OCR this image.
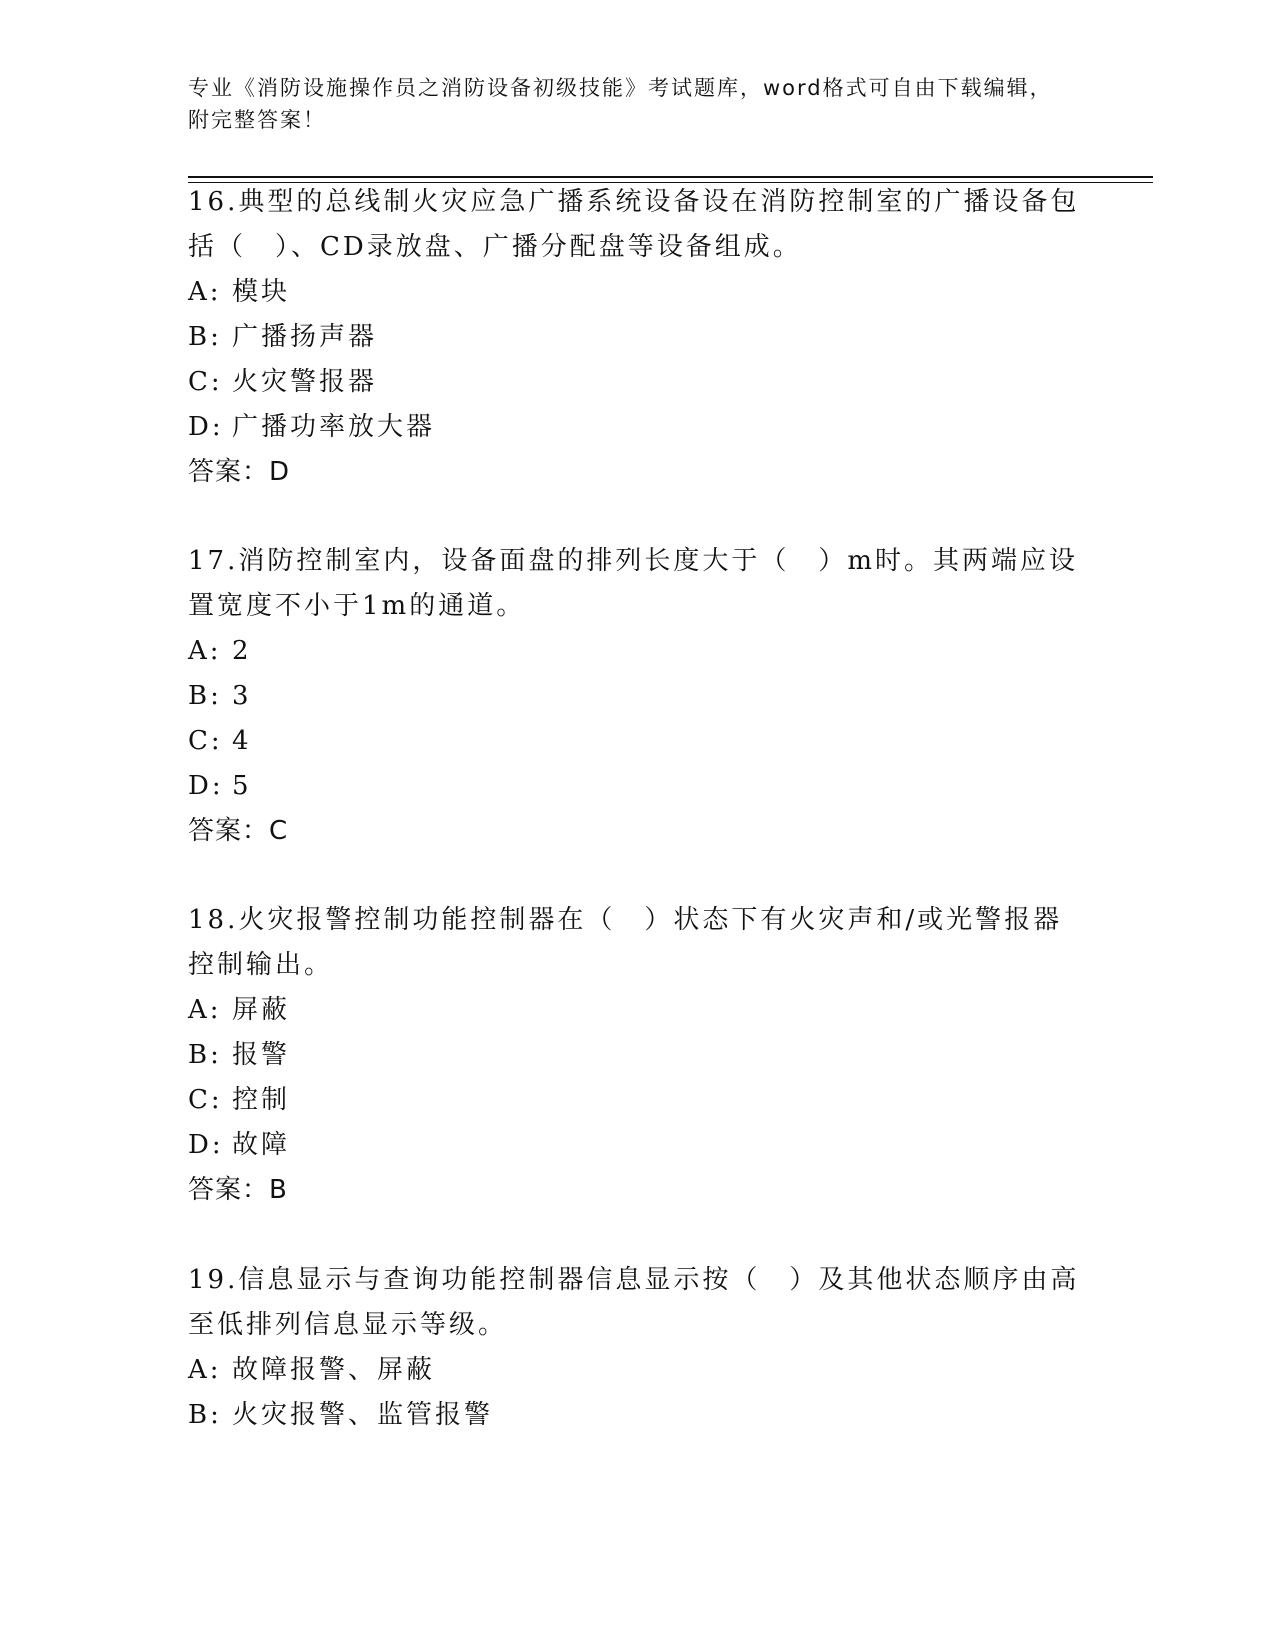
专业《消防设施操作员之消防设备初级技能》考试题库，word格式可自由下载编辑，附完整答案！

16.典型的总线制火灾应急广播系统设备设在消防控制室的广播设备包括（　）、CD录放盘、广播分配盘等设备组成。

A: 模块

B: 广播扬声器

C: 火灾警报器

D: 广播功率放大器

答案：D

17.消防控制室内，设备面盘的排列长度大于（　）m时。其两端应设置宽度不小于1m的通道。

A: 2

B: 3

C: 4

D: 5

答案：C

18.火灾报警控制功能控制器在（　）状态下有火灾声和/或光警报器控制输出。

A: 屏蔽

B: 报警

C: 控制

D: 故障

答案：B

19.信息显示与查询功能控制器信息显示按（　）及其他状态顺序由高至低排列信息显示等级。

A: 故障报警、屏蔽

B: 火灾报警、监管报警
